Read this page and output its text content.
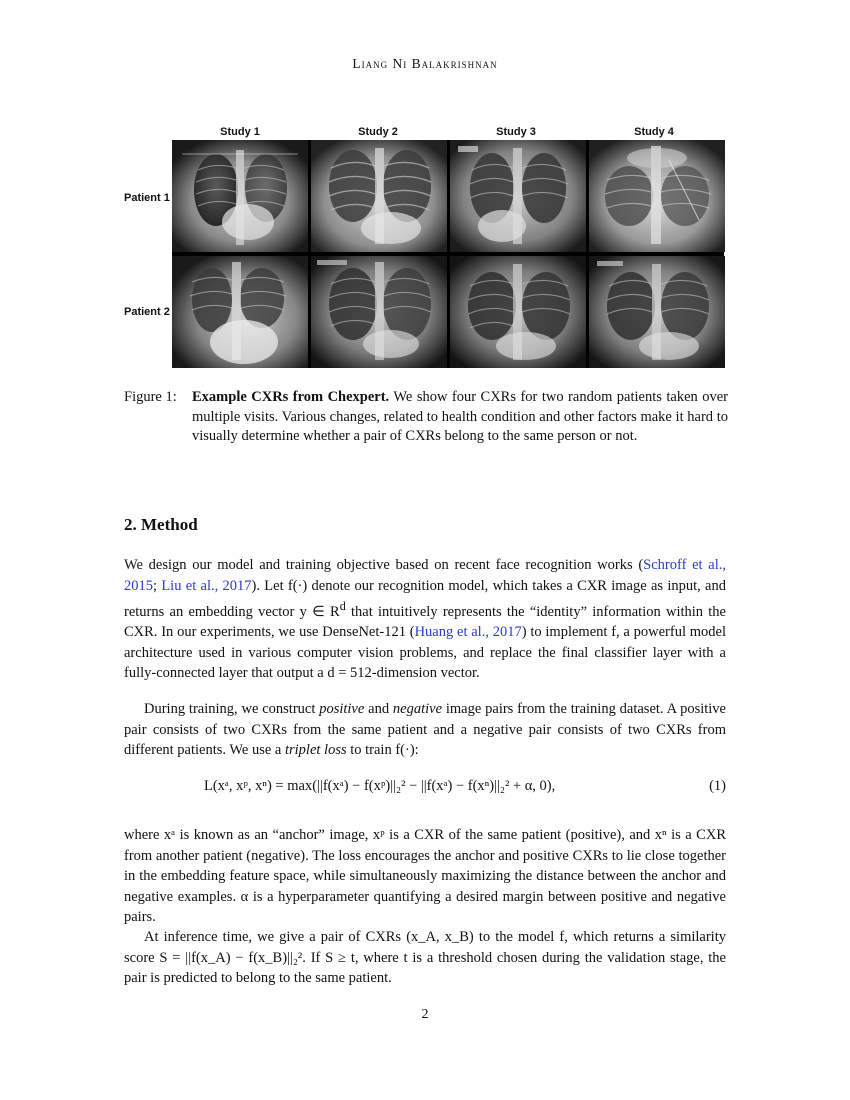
Liang Ni Balakrishnan
Study 1	Study 2	Study 3	Study 4
Patient 1
Patient 2
Figure 1:	Example CXRs from Chexpert. We show four CXRs for two random patients taken over multiple visits. Various changes, related to health condition and other factors make it hard to visually determine whether a pair of CXRs belong to the same person or not.
2. Method
We design our model and training objective based on recent face recognition works (Schroff et al., 2015; Liu et al., 2017). Let f(·) denote our recognition model, which takes a CXR image as input, and returns an embedding vector y ∈ $R^d$ that intuitively represents the “identity” information within the CXR. In our experiments, we use DenseNet-121 (Huang et al., 2017) to implement f, a powerful model architecture used in various computer vision problems, and replace the final classifier layer with a fully-connected layer that output a d = 512-dimension vector.
During training, we construct positive and negative image pairs from the training dataset. A positive pair consists of two CXRs from the same patient and a negative pair consists of two CXRs from different patients. We use a triplet loss to train f(·):
L(xᵃ, xᵖ, xⁿ) = max(||f(xᵃ) − f(xᵖ)||₂² − ||f(xᵃ) − f(xⁿ)||₂² + α, 0),	(1)
where xᵃ is known as an “anchor” image, xᵖ is a CXR of the same patient (positive), and xⁿ is a CXR from another patient (negative). The loss encourages the anchor and positive CXRs to lie close together in the embedding feature space, while simultaneously maximizing the distance between the anchor and negative examples. α is a hyperparameter quantifying a desired margin between positive and negative pairs.
At inference time, we give a pair of CXRs (x_A, x_B) to the model f, which returns a similarity score S = ||f(x_A) − f(x_B)||₂². If S ≥ t, where t is a threshold chosen during the validation stage, the pair is predicted to belong to the same patient.
2
